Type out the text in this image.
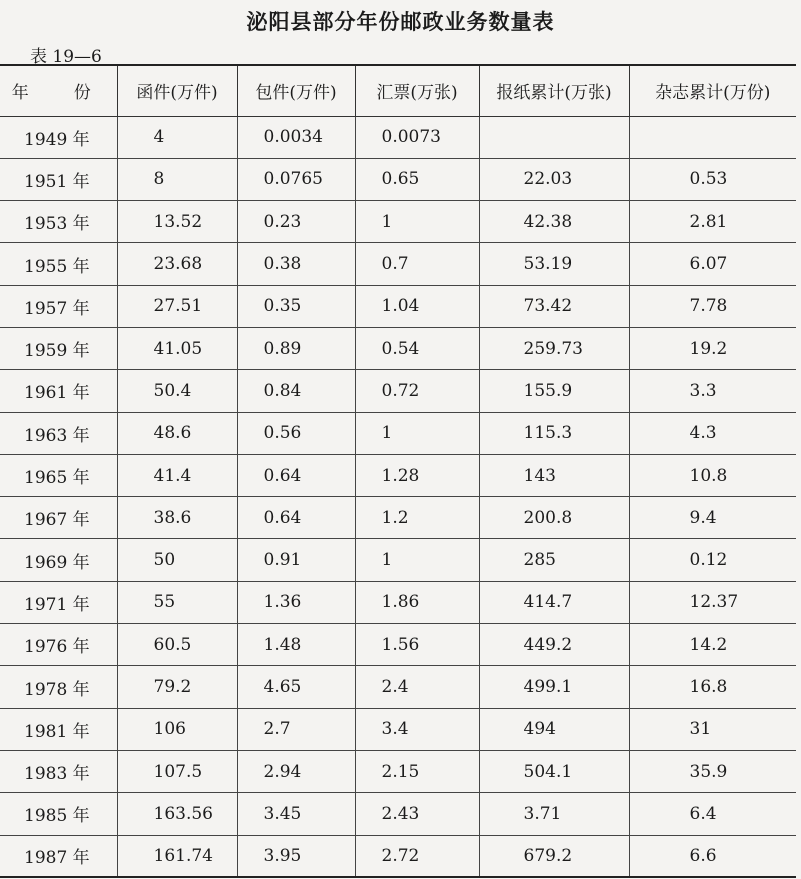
泌阳县部分年份邮政业务数量表
表 19—6
年　份	函件(万件)	包件(万件)	汇票(万张)	报纸累计(万张)	杂志累计(万份)
1949 年	4	0.0034	0.0073		
1951 年	8	0.0765	0.65	22.03	0.53
1953 年	13.52	0.23	1	42.38	2.81
1955 年	23.68	0.38	0.7	53.19	6.07
1957 年	27.51	0.35	1.04	73.42	7.78
1959 年	41.05	0.89	0.54	259.73	19.2
1961 年	50.4	0.84	0.72	155.9	3.3
1963 年	48.6	0.56	1	115.3	4.3
1965 年	41.4	0.64	1.28	143	10.8
1967 年	38.6	0.64	1.2	200.8	9.4
1969 年	50	0.91	1	285	0.12
1971 年	55	1.36	1.86	414.7	12.37
1976 年	60.5	1.48	1.56	449.2	14.2
1978 年	79.2	4.65	2.4	499.1	16.8
1981 年	106	2.7	3.4	494	31
1983 年	107.5	2.94	2.15	504.1	35.9
1985 年	163.56	3.45	2.43	3.71	6.4
1987 年	161.74	3.95	2.72	679.2	6.6
